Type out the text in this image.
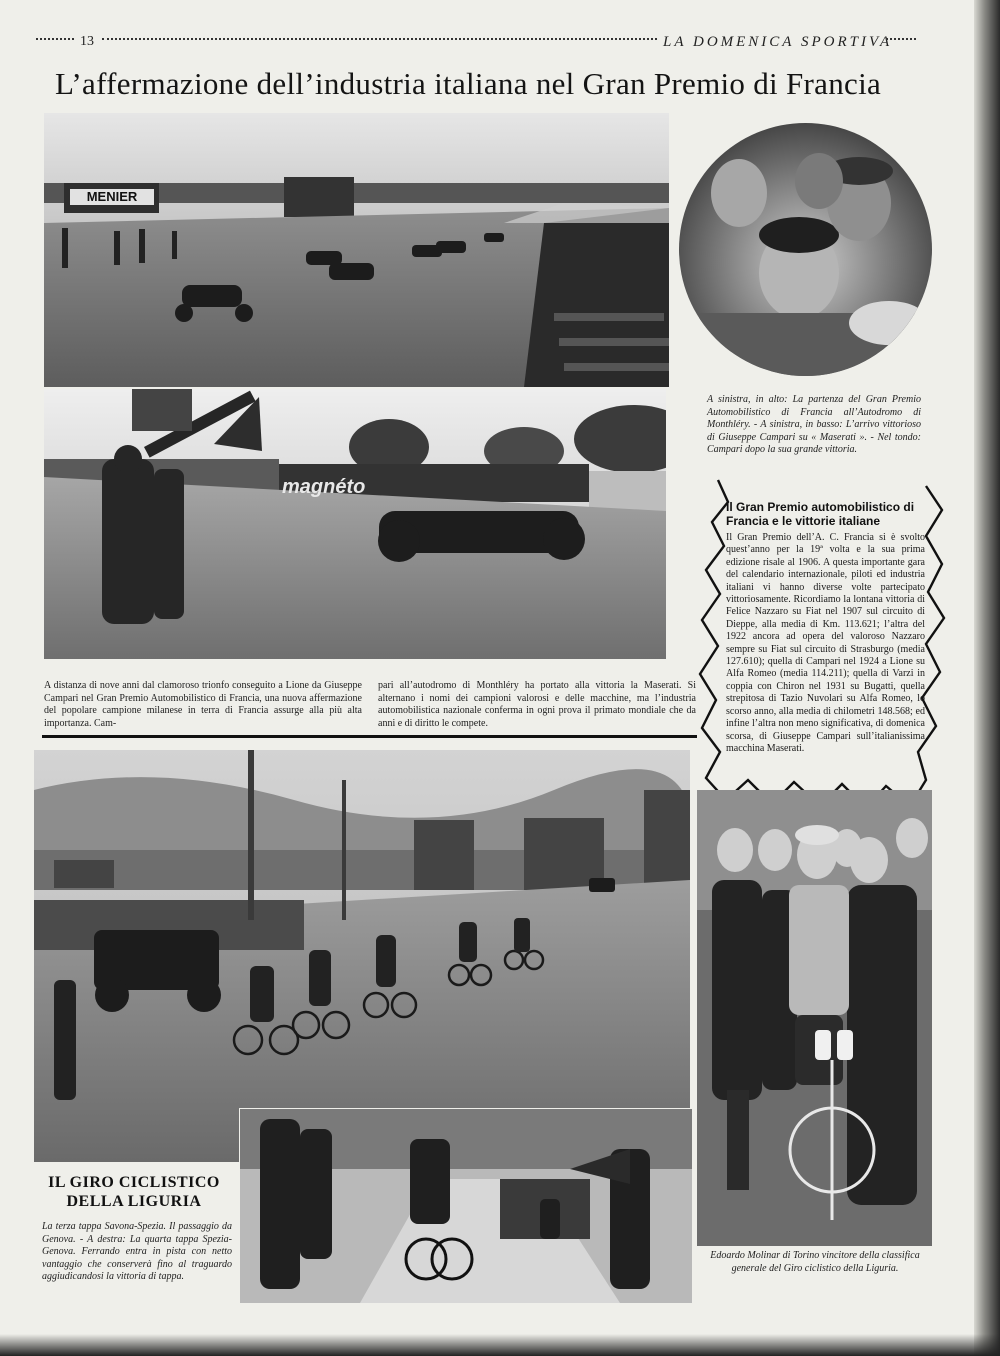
13	LA DOMENICA SPORTIVA
L’affermazione dell’industria italiana nel Gran Premio di Francia
MENIER
A sinistra, in alto: La partenza del Gran Premio Automobilistico di Francia all’Autodromo di Monthléry. - A sinistra, in basso: L’arrivo vittorioso di Giuseppe Campari su « Maserati ». - Nel tondo: Campari dopo la sua grande vittoria.
magnéto
A distanza di nove anni dal clamoroso trionfo conseguito a Lione da Giuseppe Campari nel Gran Premio Automobilistico di Francia, una nuova affermazione del popolare campione milanese in terra di Francia assurge alla più alta importanza. Cam-
pari all’autodromo di Monthléry ha portato alla vittoria la Maserati. Si alternano i nomi dei campioni valorosi e delle macchine, ma l’industria automobilistica nazionale conferma in ogni prova il primato mondiale che da anni e di diritto le compete.
Il Gran Premio automobilistico di Francia e le vittorie italiane
Il Gran Premio dell’A. C. Francia si è svolto quest’anno per la 19ª volta e la sua prima edizione risale al 1906. A questa importante gara del calendario internazionale, piloti ed industria italiani vi hanno diverse volte partecipato vittoriosamente. Ricordiamo la lontana vittoria di Felice Nazzaro su Fiat nel 1907 sul circuito di Dieppe, alla media di Km. 113.621; l’altra del 1922 ancora ad opera del valoroso Nazzaro sempre su Fiat sul circuito di Strasburgo (media 127.610); quella di Campari nel 1924 a Lione su Alfa Romeo (media 114.211); quella di Varzi in coppia con Chiron nel 1931 su Bugatti, quella strepitosa di Tazio Nuvolari su Alfa Romeo, lo scorso anno, alla media di chilometri 148.568; ed infine l’altra non meno significativa, di domenica scorsa, di Giuseppe Campari sull’italianissima macchina Maserati.
IL GIRO CICLISTICO DELLA LIGURIA
La terza tappa Savona-Spezia. Il passaggio da Genova. - A destra: La quarta tappa Spezia-Genova. Ferrando entra in pista con netto vantaggio che conserverà fino al traguardo aggiudicandosi la vittoria di tappa.
Edoardo Molinar di Torino vincitore della classifica generale del Giro ciclistico della Liguria.
